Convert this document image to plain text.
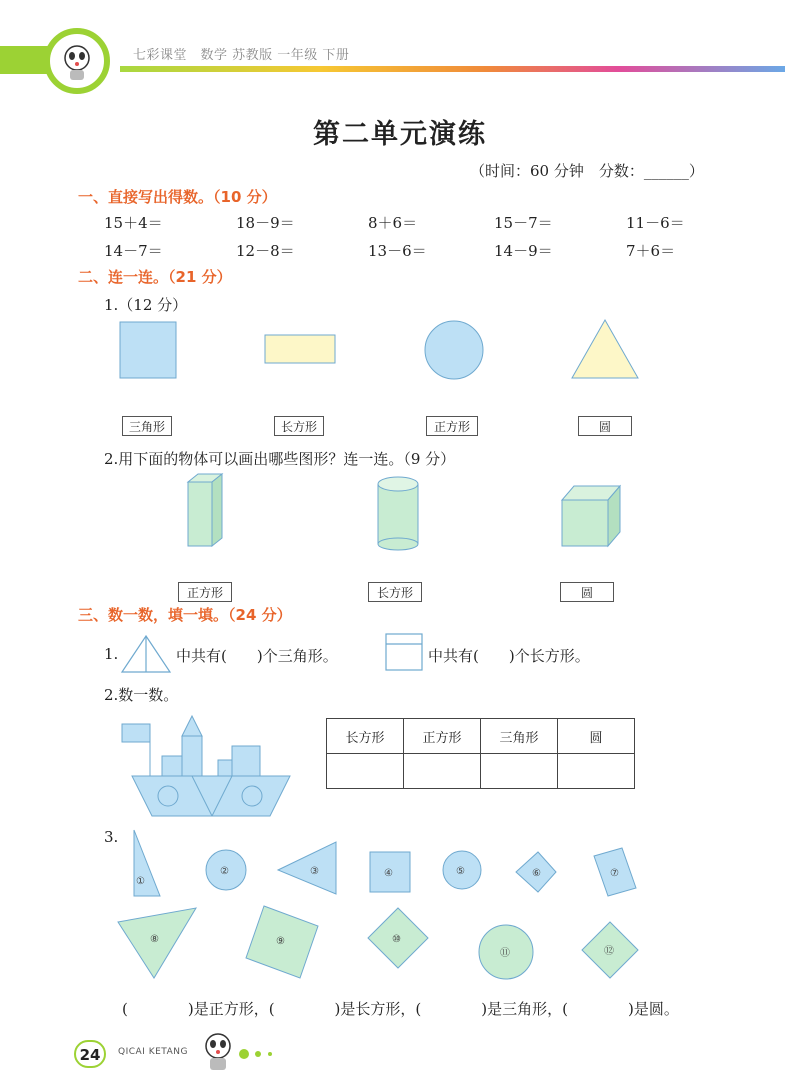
七彩课堂　数学 苏教版 一年级 下册
第二单元演练
（时间：60 分钟　分数：______）
一、直接写出得数。（10 分）
15＋4＝	18－9＝	8＋6＝	15－7＝	11－6＝
14－7＝	12－8＝	13－6＝	14－9＝	7＋6＝
二、连一连。（21 分）
1.（12 分）
三角形	长方形	正方形	圆
2.用下面的物体可以画出哪些图形？连一连。（9 分）
正方形	长方形	圆
三、数一数，填一填。（24 分）
1.	中共有(　　)个三角形。	中共有(　　)个长方形。
2.数一数。
长方形	正方形	三角形	圆

3.
①
②	③	④	⑤	⑥	⑦
⑧	⑨	⑩
⑪	⑫
(　　　　)是正方形，(　　　　)是长方形，(　　　　)是三角形，(　　　　)是圆。
24	QICAI KETANG
